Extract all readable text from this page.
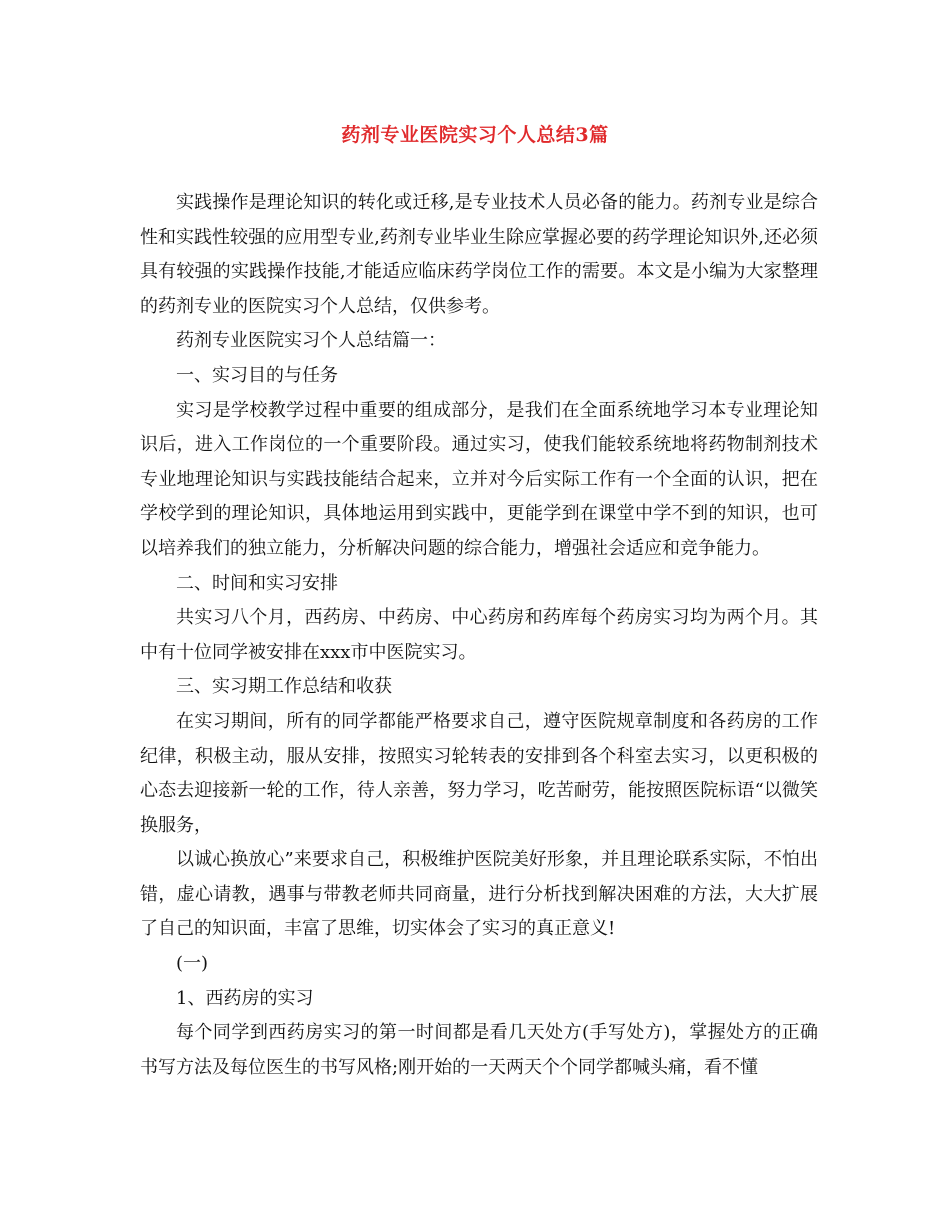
药剂专业医院实习个人总结3篇

实践操作是理论知识的转化或迁移,是专业技术人员必备的能力。药剂专业是综合性和实践性较强的应用型专业,药剂专业毕业生除应掌握必要的药学理论知识外,还必须具有较强的实践操作技能,才能适应临床药学岗位工作的需要。本文是小编为大家整理的药剂专业的医院实习个人总结，仅供参考。

药剂专业医院实习个人总结篇一：

一、实习目的与任务

实习是学校教学过程中重要的组成部分，是我们在全面系统地学习本专业理论知识后，进入工作岗位的一个重要阶段。通过实习，使我们能较系统地将药物制剂技术专业地理论知识与实践技能结合起来，立并对今后实际工作有一个全面的认识，把在学校学到的理论知识，具体地运用到实践中，更能学到在课堂中学不到的知识，也可以培养我们的独立能力，分析解决问题的综合能力，增强社会适应和竞争能力。

二、时间和实习安排

共实习八个月，西药房、中药房、中心药房和药库每个药房实习均为两个月。其中有十位同学被安排在xxx市中医院实习。

三、实习期工作总结和收获

在实习期间，所有的同学都能严格要求自己，遵守医院规章制度和各药房的工作纪律，积极主动，服从安排，按照实习轮转表的安排到各个科室去实习，以更积极的心态去迎接新一轮的工作，待人亲善，努力学习，吃苦耐劳，能按照医院标语“以微笑换服务，

以诚心换放心”来要求自己，积极维护医院美好形象，并且理论联系实际，不怕出错，虚心请教，遇事与带教老师共同商量，进行分析找到解决困难的方法，大大扩展了自己的知识面，丰富了思维，切实体会了实习的真正意义!

(一)

1、西药房的实习

每个同学到西药房实习的第一时间都是看几天处方(手写处方)，掌握处方的正确书写方法及每位医生的书写风格;刚开始的一天两天个个同学都喊头痛，看不懂
